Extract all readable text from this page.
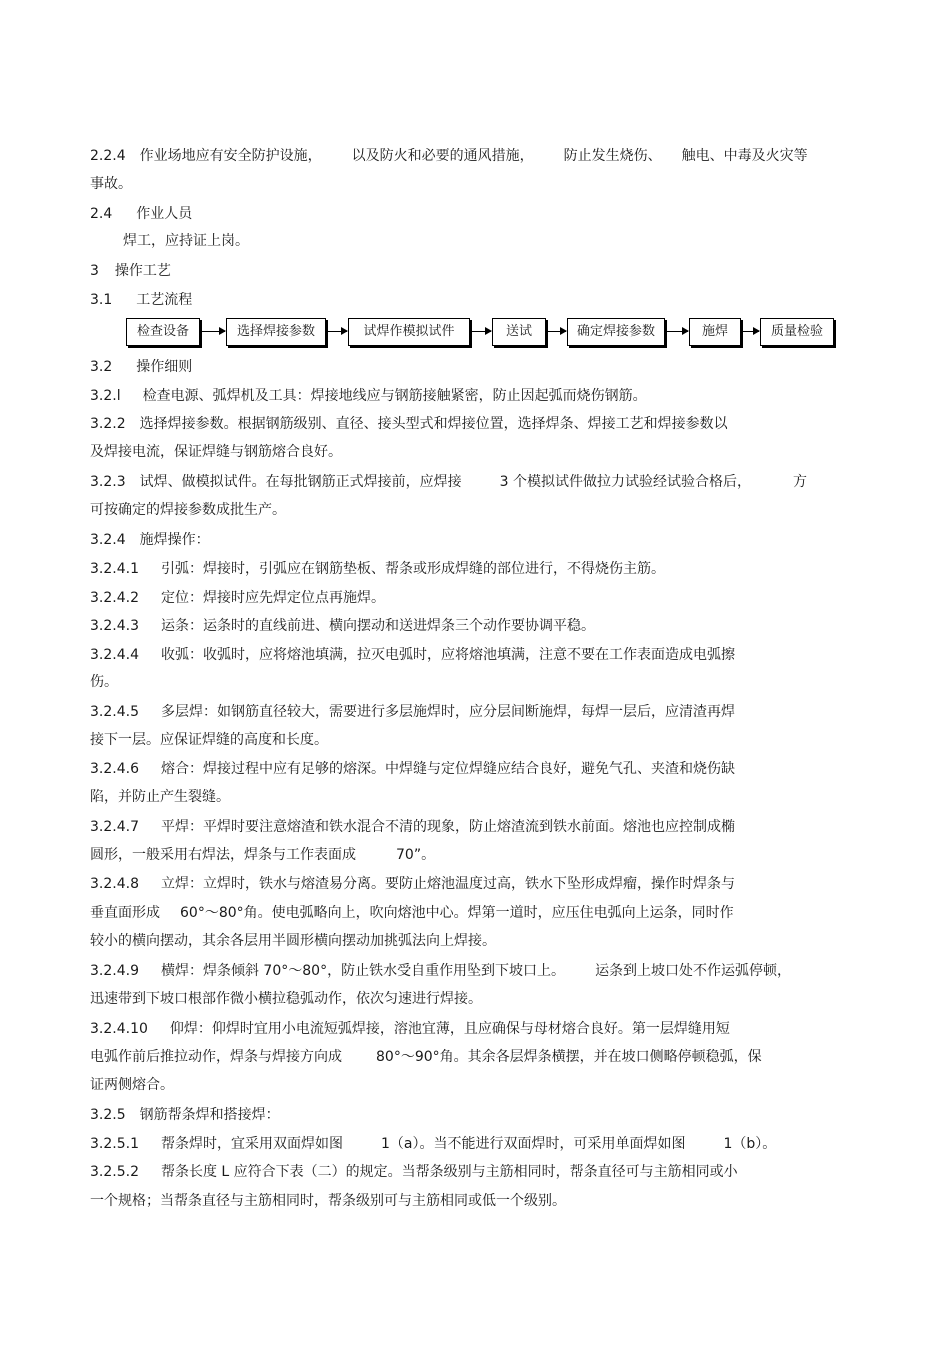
2.2.4 作业场地应有安全防护设施， 以及防火和必要的通风措施， 防止发生烧伤、 触电、中毒及火灾等
事故。
2.4 作业人员
焊工，应持证上岗。
3 操作工艺
3.1 工艺流程
检查设备	选择焊接参数	试焊作模拟试件	送试	确定焊接参数	施焊	质量检验
3.2 操作细则
3.2.l 检查电源、弧焊机及工具：焊接地线应与钢筋接触紧密，防止因起弧而烧伤钢筋。
3.2.2 选择焊接参数。根据钢筋级别、直径、接头型式和焊接位置，选择焊条、焊接工艺和焊接参数以
及焊接电流，保证焊缝与钢筋熔合良好。
3.2.3 试焊、做模拟试件。在每批钢筋正式焊接前，应焊接	3 个模拟试件做拉力试验经试验合格后，	方
可按确定的焊接参数成批生产。
3.2.4 施焊操作：
3.2.4.1 引弧：焊接时，引弧应在钢筋垫板、帮条或形成焊缝的部位进行，不得烧伤主筋。
3.2.4.2 定位：焊接时应先焊定位点再施焊。
3.2.4.3 运条：运条时的直线前进、横向摆动和送进焊条三个动作要协调平稳。
3.2.4.4 收弧：收弧时，应将熔池填满，拉灭电弧时，应将熔池填满，注意不要在工作表面造成电弧擦
伤。
3.2.4.5 多层焊：如钢筋直径较大，需要进行多层施焊时，应分层间断施焊，每焊一层后，应清渣再焊
接下一层。应保证焊缝的高度和长度。
3.2.4.6 熔合：焊接过程中应有足够的熔深。中焊缝与定位焊缝应结合良好，避免气孔、夹渣和烧伤缺
陷，并防止产生裂缝。
3.2.4.7 平焊：平焊时要注意熔渣和铁水混合不清的现象，防止熔渣流到铁水前面。熔池也应控制成椭
圆形，一般采用右焊法，焊条与工作表面成	70”。
3.2.4.8 立焊：立焊时，铁水与熔渣易分离。要防止熔池温度过高，铁水下坠形成焊瘤，操作时焊条与
垂直面形成 60°～80°角。使电弧略向上，吹向熔池中心。焊第一道时，应压住电弧向上运条，同时作
较小的横向摆动，其余各层用半圆形横向摆动加挑弧法向上焊接。
3.2.4.9 横焊：焊条倾斜 70°～80°，防止铁水受自重作用坠到下坡口上。 运条到上坡口处不作运弧停顿，
迅速带到下坡口根部作微小横拉稳弧动作，依次匀速进行焊接。
3.2.4.10 仰焊：仰焊时宜用小电流短弧焊接，溶池宜薄，且应确保与母材熔合良好。第一层焊缝用短
电弧作前后推拉动作，焊条与焊接方向成 80°～90°角。其余各层焊条横摆，并在坡口侧略停顿稳弧，保
证两侧熔合。
3.2.5 钢筋帮条焊和搭接焊：
3.2.5.1 帮条焊时，宜采用双面焊如图	1（a）。当不能进行双面焊时，可采用单面焊如图	1（b）。
3.2.5.2 帮条长度 L 应符合下表（二）的规定。当帮条级别与主筋相同时，帮条直径可与主筋相同或小
一个规格；当帮条直径与主筋相同时，帮条级别可与主筋相同或低一个级别。
